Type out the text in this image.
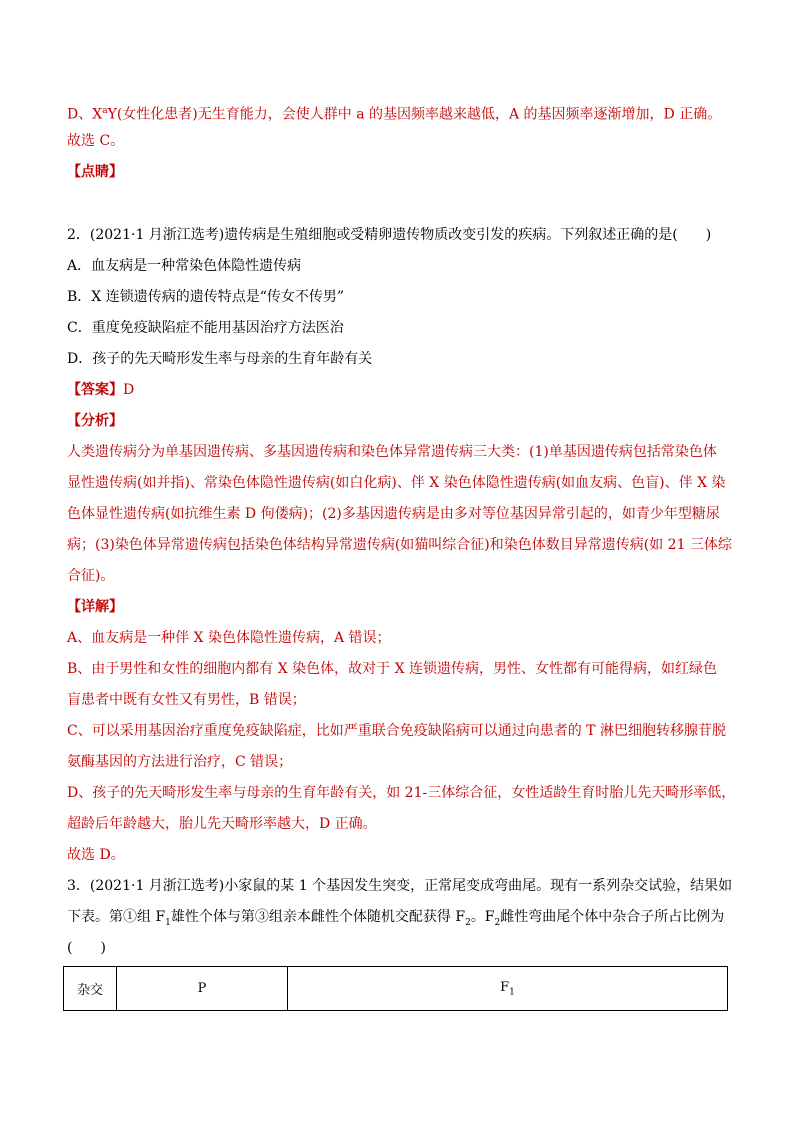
D、$X^aY$(女性化患者)无生育能力，会使人群中 a 的基因频率越来越低，A 的基因频率逐渐增加，D 正确。
故选 C。
【点睛】
2．(2021·1 月浙江选考)遗传病是生殖细胞或受精卵遗传物质改变引发的疾病。下列叙述正确的是(　　)
A．血友病是一种常染色体隐性遗传病
B．X 连锁遗传病的遗传特点是“传女不传男”
C．重度免疫缺陷症不能用基因治疗方法医治
D．孩子的先天畸形发生率与母亲的生育年龄有关
【答案】D
【分析】
人类遗传病分为单基因遗传病、多基因遗传病和染色体异常遗传病三大类：(1)单基因遗传病包括常染色体
显性遗传病(如并指)、常染色体隐性遗传病(如白化病)、伴 X 染色体隐性遗传病(如血友病、色盲)、伴 X 染
色体显性遗传病(如抗维生素 D 佝偻病)；(2)多基因遗传病是由多对等位基因异常引起的，如青少年型糖尿
病；(3)染色体异常遗传病包括染色体结构异常遗传病(如猫叫综合征)和染色体数目异常遗传病(如 21 三体综
合征)。
【详解】
A、血友病是一种伴 X 染色体隐性遗传病，A 错误；
B、由于男性和女性的细胞内都有 X 染色体，故对于 X 连锁遗传病，男性、女性都有可能得病，如红绿色
盲患者中既有女性又有男性，B 错误；
C、可以采用基因治疗重度免疫缺陷症，比如严重联合免疫缺陷病可以通过向患者的 T 淋巴细胞转移腺苷脱
氨酶基因的方法进行治疗，C 错误；
D、孩子的先天畸形发生率与母亲的生育年龄有关，如 21-三体综合征，女性适龄生育时胎儿先天畸形率低，
超龄后年龄越大，胎儿先天畸形率越大，D 正确。
故选 D。
3．(2021·1 月浙江选考)小家鼠的某 1 个基因发生突变，正常尾变成弯曲尾。现有一系列杂交试验，结果如
下表。第①组 $F_1$雄性个体与第③组亲本雌性个体随机交配获得 $F_2$。$F_2$雌性弯曲尾个体中杂合子所占比例为
(　　)
杂交	P	$F_1$
